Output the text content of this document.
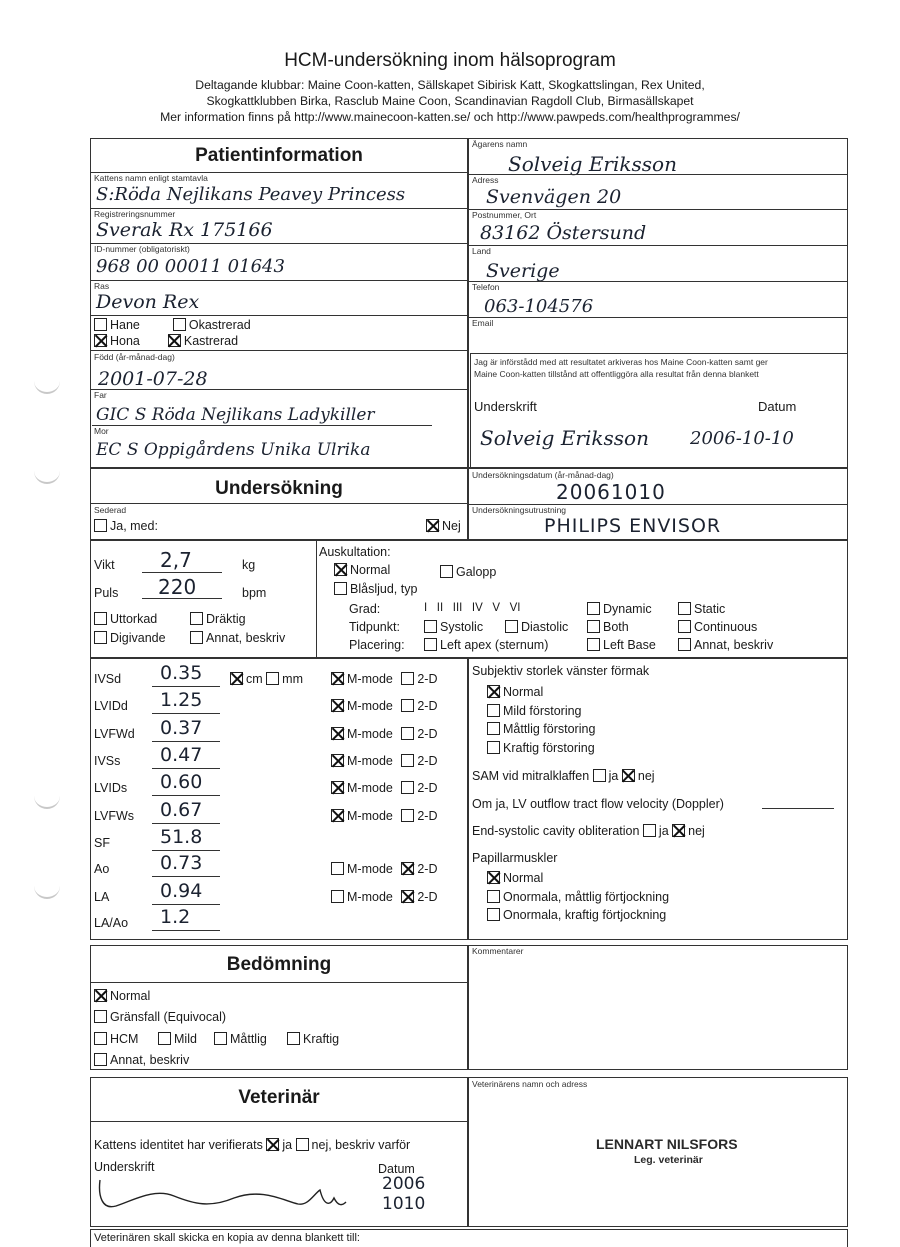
HCM-undersökning inom hälsoprogram
Deltagande klubbar: Maine Coon-katten, Sällskapet Sibirisk Katt, Skogkattslingan, Rex United,
Skogkattklubben Birka, Rasclub Maine Coon, Scandinavian Ragdoll Club, Birmasällskapet
Mer information finns på http://www.mainecoon-katten.se/ och http://www.pawpeds.com/healthprogrammes/
Patientinformation
Kattens namn enligt stamtavla
S:Röda Nejlikans Peavey Princess
Registreringsnummer
Sverak Rx 175166
ID-nummer (obligatoriskt)
968 00 00011 01643
Ras
Devon Rex
Hane	Okastrerad
Hona	Kastrerad
Född (år-månad-dag)
2001-07-28
Far
GIC S Röda Nejlikans Ladykiller
Mor
EC S Oppigårdens Unika Ulrika
Ägarens namn
Solveig Eriksson
Adress
Svenvägen 20
Postnummer, Ort
83162 Östersund
Land
Sverige
Telefon
063-104576
Email
Jag är införstådd med att resultatet arkiveras hos Maine Coon-katten samt ger
Maine Coon-katten tillstånd att offentliggöra alla resultat från denna blankett
Underskrift	Datum
Solveig Eriksson 2006-10-10
Undersökning
Sederad
Ja, med:	Nej
Undersökningsdatum (år-månad-dag)
20061010
Undersökningsutrustning
PHILIPS ENVISOR
Vikt 2,7	kg
Puls 220	bpm
Uttorkad	Dräktig
Digivande	Annat, beskriv
Auskultation:
Normal	Galopp
Blåsljud, typ
Grad:	I   II   III   IV   V   VI	Dynamic	Static
Tidpunkt:	Systolic	Diastolic	Both	Continuous
Placering:	Left apex (sternum)	Left Base	Annat, beskriv
IVSd 0.35	cm mm	M-mode 2-D
LVIDd 1.25	M-mode 2-D
LVFWd 0.37	M-mode 2-D
IVSs 0.47	M-mode 2-D
LVIDs 0.60	M-mode 2-D
LVFWs 0.67	M-mode 2-D
SF	51.8
Ao	0.73	M-mode 2-D
LA	0.94	M-mode 2-D
LA/Ao 1.2
Subjektiv storlek vänster förmak
Normal
Mild förstoring
Måttlig förstoring
Kraftig förstoring
SAM vid mitralklaffen ja nej
Om ja, LV outflow tract flow velocity (Doppler)
End-systolic cavity obliteration ja nej
Papillarmuskler
Normal
Onormala, måttlig förtjockning
Onormala, kraftig förtjockning
Bedömning
Normal
Gränsfall (Equivocal)
HCM	Mild	Måttlig	Kraftig
Annat, beskriv
Kommentarer
Veterinär
Kattens identitet har verifierats ja nej, beskriv varför
Underskrift	Datum
2006
1010
Veterinärens namn och adress
LENNART NILSFORS
Leg. veterinär
Veterinären skall skicka en kopia av denna blankett till:
